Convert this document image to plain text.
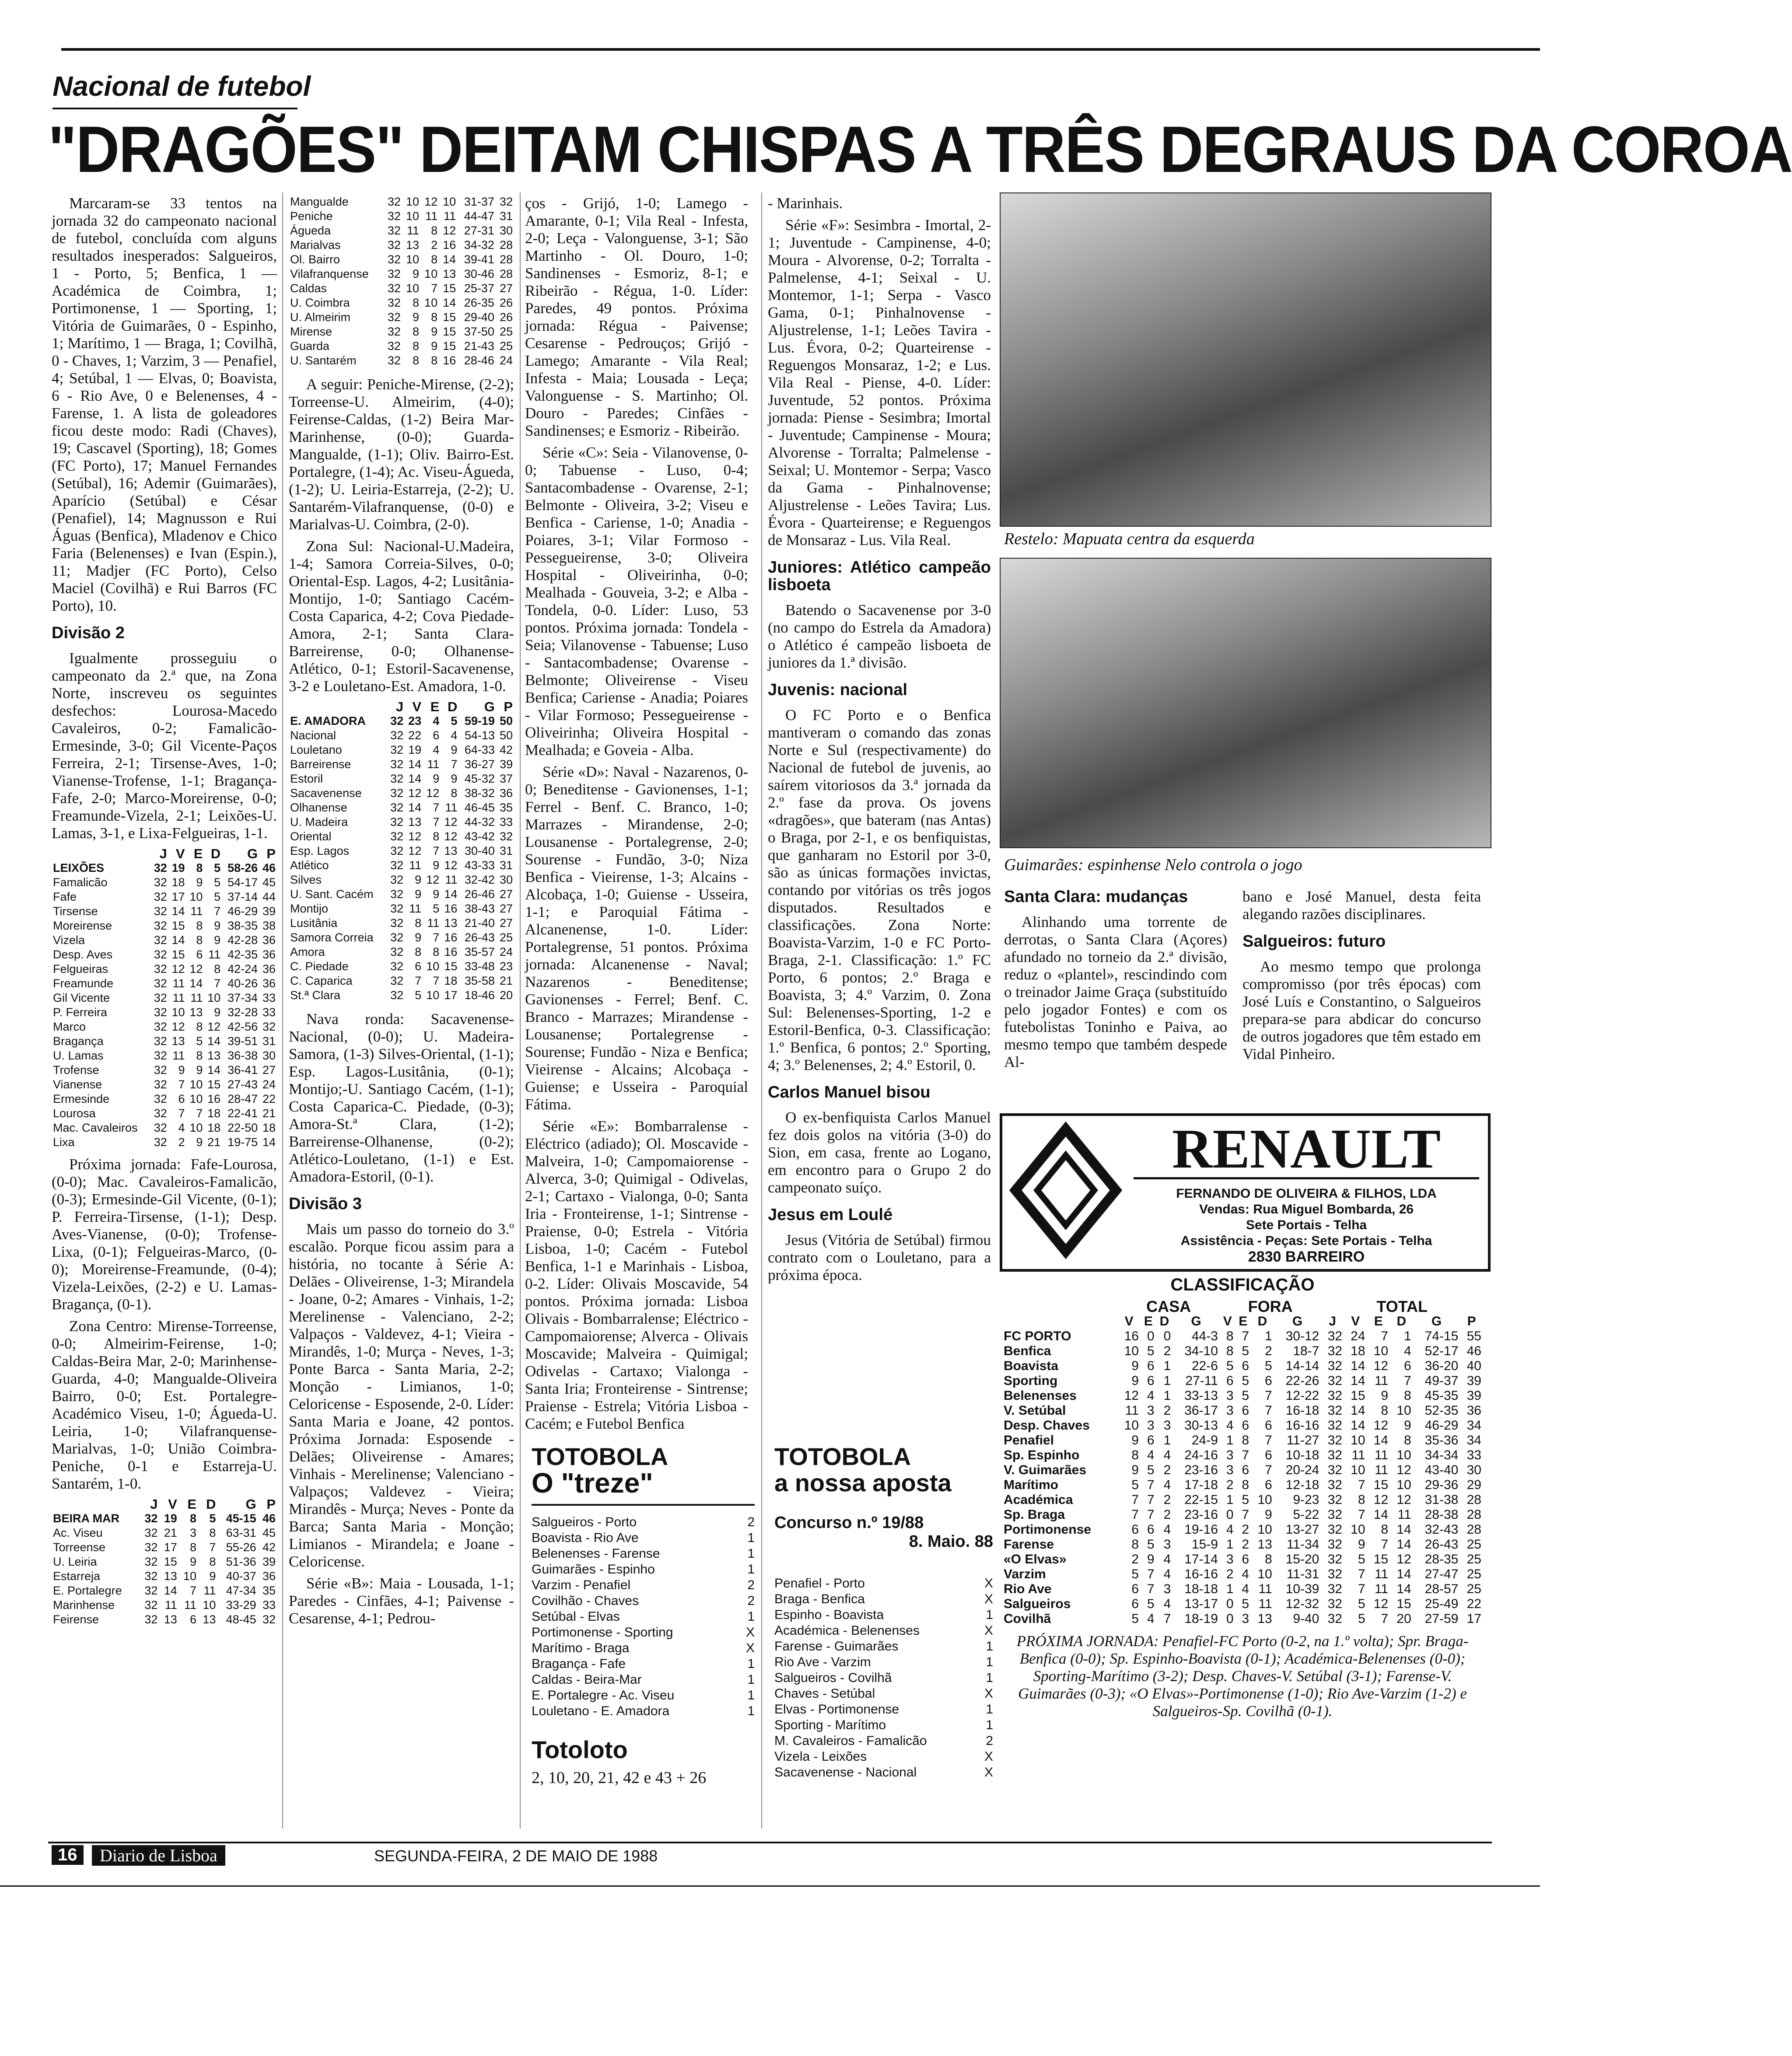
Nacional de futebol
"DRAGÕES" DEITAM CHISPAS A TRÊS DEGRAUS DA COROA

Marcaram-se 33 tentos na jornada 32 do campeonato nacional de futebol, concluída com alguns resultados inesperados: Salgueiros, 1 - Porto, 5; Benfica, 1 — Académica de Coimbra, 1; Portimonense, 1 — Sporting, 1; Vitória de Guimarães, 0 - Espinho, 1; Marítimo, 1 — Braga, 1; Covilhã, 0 - Chaves, 1; Varzim, 3 — Penafiel, 4; Setúbal, 1 — Elvas, 0; Boavista, 6 - Rio Ave, 0 e Belenenses, 4 - Farense, 1. A lista de goleadores ficou deste modo: Radi (Chaves), 19; Cascavel (Sporting), 18; Gomes (FC Porto), 17; Manuel Fernandes (Setúbal), 16; Ademir (Guimarães), Aparício (Setúbal) e César (Penafiel), 14; Magnusson e Rui Águas (Benfica), Mladenov e Chico Faria (Belenenses) e Ivan (Espin.), 11; Madjer (FC Porto), Celso Maciel (Covilhã) e Rui Barros (FC Porto), 10.

Divisão 2

Igualmente prosseguiu o campeonato da 2.ª que, na Zona Norte, inscreveu os seguintes desfechos: Lourosa-Macedo Cavaleiros, 0-2; Famalicão-Ermesinde, 3-0; Gil Vicente-Paços Ferreira, 2-1; Tirsense-Aves, 1-0; Vianense-Trofense, 1-1; Bragança-Fafe, 2-0; Marco-Moreirense, 0-0; Freamunde-Vizela, 2-1; Leixões-U. Lamas, 3-1, e Lixa-Felgueiras, 1-1.

	J	V	E	D	G	P
LEIXÕES	32	19	8	5	58-26	46
Famalicão	32	18	9	5	54-17	45
Fafe	32	17	10	5	37-14	44
Tirsense	32	14	11	7	46-29	39
Moreirense	32	15	8	9	38-35	38
Vizela	32	14	8	9	42-28	36
Desp. Aves	32	15	6	11	42-35	36
Felgueiras	32	12	12	8	42-24	36
Freamunde	32	11	14	7	40-26	36
Gil Vicente	32	11	11	10	37-34	33
P. Ferreira	32	10	13	9	32-28	33
Marco	32	12	8	12	42-56	32
Bragança	32	13	5	14	39-51	31
U. Lamas	32	11	8	13	36-38	30
Trofense	32	9	9	14	36-41	27
Vianense	32	7	10	15	27-43	24
Ermesinde	32	6	10	16	28-47	22
Lourosa	32	7	7	18	22-41	21
Mac. Cavaleiros	32	4	10	18	22-50	18
Lixa	32	2	9	21	19-75	14

Próxima jornada: Fafe-Lourosa, (0-0); Mac. Cavaleiros-Famalicão, (0-3); Ermesinde-Gil Vicente, (0-1); P. Ferreira-Tirsense, (1-1); Desp. Aves-Vianense, (0-0); Trofense-Lixa, (0-1); Felgueiras-Marco, (0-0); Moreirense-Freamunde, (0-4); Vizela-Leixões, (2-2) e U. Lamas-Bragança, (0-1).

Zona Centro: Mirense-Torreense, 0-0; Almeirim-Feirense, 1-0; Caldas-Beira Mar, 2-0; Marinhense-Guarda, 4-0; Mangualde-Oliveira Bairro, 0-0; Est. Portalegre-Académico Viseu, 1-0; Águeda-U. Leiria, 1-0; Vilafranquense-Marialvas, 1-0; União Coimbra-Peniche, 0-1 e Estarreja-U. Santarém, 1-0.

	J	V	E	D	G	P
BEIRA MAR	32	19	8	5	45-15	46
Ac. Viseu	32	21	3	8	63-31	45
Torreense	32	17	8	7	55-26	42
U. Leiria	32	15	9	8	51-36	39
Estarreja	32	13	10	9	40-37	36
E. Portalegre	32	14	7	11	47-34	35
Marinhense	32	11	11	10	33-29	33
Feirense	32	13	6	13	48-45	32
Mangualde	32	10	12	10	31-37	32
Peniche	32	10	11	11	44-47	31
Águeda	32	11	8	12	27-31	30
Marialvas	32	13	2	16	34-32	28
Ol. Bairro	32	10	8	14	39-41	28
Vilafranquense	32	9	10	13	30-46	28
Caldas	32	10	7	15	25-37	27
U. Coimbra	32	8	10	14	26-35	26
U. Almeirim	32	9	8	15	29-40	26
Mirense	32	8	9	15	37-50	25
Guarda	32	8	9	15	21-43	25
U. Santarém	32	8	8	16	28-46	24

A seguir: Peniche-Mirense, (2-2); Torreense-U. Almeirim, (4-0); Feirense-Caldas, (1-2) Beira Mar-Marinhense, (0-0); Guarda-Mangualde, (1-1); Oliv. Bairro-Est. Portalegre, (1-4); Ac. Viseu-Águeda, (1-2); U. Leiria-Estarreja, (2-2); U. Santarém-Vilafranquense, (0-0) e Marialvas-U. Coimbra, (2-0).

Zona Sul: Nacional-U.Madeira, 1-4; Samora Correia-Silves, 0-0; Oriental-Esp. Lagos, 4-2; Lusitânia-Montijo, 1-0; Santiago Cacém-Costa Caparica, 4-2; Cova Piedade-Amora, 2-1; Santa Clara-Barreirense, 0-0; Olhanense-Atlético, 0-1; Estoril-Sacavenense, 3-2 e Louletano-Est. Amadora, 1-0.

	J	V	E	D	G	P
E. AMADORA	32	23	4	5	59-19	50
Nacional	32	22	6	4	54-13	50
Louletano	32	19	4	9	64-33	42
Barreirense	32	14	11	7	36-27	39
Estoril	32	14	9	9	45-32	37
Sacavenense	32	12	12	8	38-32	36
Olhanense	32	14	7	11	46-45	35
U. Madeira	32	13	7	12	44-32	33
Oriental	32	12	8	12	43-42	32
Esp. Lagos	32	12	7	13	30-40	31
Atlético	32	11	9	12	43-33	31
Silves	32	9	12	11	32-42	30
U. Sant. Cacém	32	9	9	14	26-46	27
Montijo	32	11	5	16	38-43	27
Lusitânia	32	8	11	13	21-40	27
Samora Correia	32	9	7	16	26-43	25
Amora	32	8	8	16	35-57	24
C. Piedade	32	6	10	15	33-48	23
C. Caparica	32	7	7	18	35-58	21
St.ª Clara	32	5	10	17	18-46	20

Nava ronda: Sacavenense-Nacional, (0-0); U. Madeira-Samora, (1-3) Silves-Oriental, (1-1); Esp. Lagos-Lusitânia, (0-1); Montijo;-U. Santiago Cacém, (1-1); Costa Caparica-C. Piedade, (0-3); Amora-St.ª Clara, (1-2); Barreirense-Olhanense, (0-2); Atlético-Louletano, (1-1) e Est. Amadora-Estoril, (0-1).

Divisão 3

Mais um passo do torneio do 3.º escalão. Porque ficou assim para a história, no tocante à Série A: Delães - Oliveirense, 1-3; Mirandela - Joane, 0-2; Amares - Vinhais, 1-2; Merelinense - Valenciano, 2-2; Valpaços - Valdevez, 4-1; Vieira - Mirandês, 1-0; Murça - Neves, 1-3; Ponte Barca - Santa Maria, 2-2; Monção - Limianos, 1-0; Celoricense - Esposende, 2-0. Líder: Santa Maria e Joane, 42 pontos. Próxima Jornada: Esposende - Delães; Oliveirense - Amares; Vinhais - Merelinense; Valenciano - Valpaços; Valdevez - Vieira; Mirandês - Murça; Neves - Ponte da Barca; Santa Maria - Monção; Limianos - Mirandela; e Joane - Celoricense.

Série «B»: Maia - Lousada, 1-1; Paredes - Cinfães, 4-1; Paivense - Cesarense, 4-1; Pedrou-

ços - Grijó, 1-0; Lamego - Amarante, 0-1; Vila Real - Infesta, 2-0; Leça - Valonguense, 3-1; São Martinho - Ol. Douro, 1-0; Sandinenses - Esmoriz, 8-1; e Ribeirão - Régua, 1-0. Líder: Paredes, 49 pontos. Próxima jornada: Régua - Paivense; Cesarense - Pedrouços; Grijó - Lamego; Amarante - Vila Real; Infesta - Maia; Lousada - Leça; Valonguense - S. Martinho; Ol. Douro - Paredes; Cinfães - Sandinenses; e Esmoriz - Ribeirão.

Série «C»: Seia - Vilanovense, 0-0; Tabuense - Luso, 0-4; Santacombadense - Ovarense, 2-1; Belmonte - Oliveira, 3-2; Viseu e Benfica - Cariense, 1-0; Anadia - Poiares, 3-1; Vilar Formoso - Pessegueirense, 3-0; Oliveira Hospital - Oliveirinha, 0-0; Mealhada - Gouveia, 3-2; e Alba - Tondela, 0-0. Líder: Luso, 53 pontos. Próxima jornada: Tondela - Seia; Vilanovense - Tabuense; Luso - Santacombadense; Ovarense - Belmonte; Oliveirense - Viseu Benfica; Cariense - Anadia; Poiares - Vilar Formoso; Pessegueirense - Oliveirinha; Oliveira Hospital - Mealhada; e Goveia - Alba.

Série «D»: Naval - Nazarenos, 0-0; Beneditense - Gavionenses, 1-1; Ferrel - Benf. C. Branco, 1-0; Marrazes - Mirandense, 2-0; Lousanense - Portalegrense, 2-0; Sourense - Fundão, 3-0; Niza Benfica - Vieirense, 1-3; Alcains - Alcobaça, 1-0; Guiense - Usseira, 1-1; e Paroquial Fátima - Alcanenense, 1-0. Líder: Portalegrense, 51 pontos. Próxima jornada: Alcanenense - Naval; Nazarenos - Beneditense; Gavionenses - Ferrel; Benf. C. Branco - Marrazes; Mirandense - Lousanense; Portalegrense - Sourense; Fundão - Niza e Benfica; Vieirense - Alcains; Alcobaça - Guiense; e Usseira - Paroquial Fátima.

Série «E»: Bombarralense - Eléctrico (adiado); Ol. Moscavide - Malveira, 1-0; Campomaiorense - Alverca, 3-0; Quimigal - Odivelas, 2-1; Cartaxo - Vialonga, 0-0; Santa Iria - Fronteirense, 1-1; Sintrense - Praiense, 0-0; Estrela - Vitória Lisboa, 1-0; Cacém - Futebol Benfica, 1-1 e Marinhais - Lisboa, 0-2. Líder: Olivais Moscavide, 54 pontos. Próxima jornada: Lisboa Olivais - Bombarralense; Eléctrico - Campomaiorense; Alverca - Olivais Moscavide; Malveira - Quimigal; Odivelas - Cartaxo; Vialonga - Santa Iria; Fronteirense - Sintrense; Praiense - Estrela; Vitória Lisboa - Cacém; e Futebol Benfica

- Marinhais.

Série «F»: Sesimbra - Imortal, 2-1; Juventude - Campinense, 4-0; Moura - Alvorense, 0-2; Torralta - Palmelense, 4-1; Seixal - U. Montemor, 1-1; Serpa - Vasco Gama, 0-1; Pinhalnovense - Aljustrelense, 1-1; Leões Tavira - Lus. Évora, 0-2; Quarteirense - Reguengos Monsaraz, 1-2; e Lus. Vila Real - Piense, 4-0. Líder: Juventude, 52 pontos. Próxima jornada: Piense - Sesimbra; Imortal - Juventude; Campinense - Moura; Alvorense - Torralta; Palmelense - Seixal; U. Montemor - Serpa; Vasco da Gama - Pinhalnovense; Aljustrelense - Leões Tavira; Lus. Évora - Quarteirense; e Reguengos de Monsaraz - Lus. Vila Real.

Juniores: Atlético campeão lisboeta

Batendo o Sacavenense por 3-0 (no campo do Estrela da Amadora) o Atlético é campeão lisboeta de juniores da 1.ª divisão.

Juvenis: nacional

O FC Porto e o Benfica mantiveram o comando das zonas Norte e Sul (respectivamente) do Nacional de futebol de juvenis, ao saírem vitoriosos da 3.ª jornada da 2.º fase da prova. Os jovens «dragões», que bateram (nas Antas) o Braga, por 2-1, e os benfiquistas, que ganharam no Estoril por 3-0, são as únicas formações invictas, contando por vitórias os três jogos disputados. Resultados e classificações. Zona Norte: Boavista-Varzim, 1-0 e FC Porto-Braga, 2-1. Classificação: 1.º FC Porto, 6 pontos; 2.º Braga e Boavista, 3; 4.º Varzim, 0. Zona Sul: Belenenses-Sporting, 1-2 e Estoril-Benfica, 0-3. Classificação: 1.º Benfica, 6 pontos; 2.º Sporting, 4; 3.º Belenenses, 2; 4.º Estoril, 0.

Carlos Manuel bisou

O ex-benfiquista Carlos Manuel fez dois golos na vitória (3-0) do Sion, em casa, frente ao Logano, em encontro para o Grupo 2 do campeonato suíço.

Jesus em Loulé

Jesus (Vitória de Setúbal) firmou contrato com o Louletano, para a próxima época.

Restelo: Mapuata centra da esquerda
Guimarães: espinhense Nelo controla o jogo
Santa Clara: mudanças

Alinhando uma torrente de derrotas, o Santa Clara (Açores) afundado no torneio da 2.ª divisão, reduz o «plantel», rescindindo com o treinador Jaime Graça (substituído pelo jogador Fontes) e com os futebolistas Toninho e Paiva, ao mesmo tempo que também despede Al-

bano e José Manuel, desta feita alegando razões disciplinares.

Salgueiros: futuro

Ao mesmo tempo que prolonga compromisso (por três épocas) com José Luís e Constantino, o Salgueiros prepara-se para abdicar do concurso de outros jogadores que têm estado em Vidal Pinheiro.

RENAULT
FERNANDO DE OLIVEIRA & FILHOS, LDA
Vendas: Rua Miguel Bombarda, 26
Sete Portais - Telha
Assistência - Peças: Sete Portais - Telha
2830 BARREIRO
TOTOBOLA
O "treze"
Salgueiros - Porto	2
Boavista - Rio Ave	1
Belenenses - Farense	1
Guimarães - Espinho	1
Varzim - Penafiel	2
Covilhão - Chaves	2
Setúbal - Elvas	1
Portimonense - Sporting	X
Marítimo - Braga	X
Bragança - Fafe	1
Caldas - Beira-Mar	1
E. Portalegre - Ac. Viseu	1
Louletano - E. Amadora	1
Totoloto
2, 10, 20, 21, 42 e 43 + 26
TOTOBOLA
a nossa aposta
Concurso n.º 19/88
8. Maio. 88
Penafiel - Porto	X
Braga - Benfica	X
Espinho - Boavista	1
Académica - Belenenses	X
Farense - Guimarães	1
Rio Ave - Varzim	1
Salgueiros - Covilhã	1
Chaves - Setúbal	X
Elvas - Portimonense	1
Sporting - Marítimo	1
M. Cavaleiros - Famalicão	2
Vizela - Leixões	X
Sacavenense - Nacional	X
CLASSIFICAÇÃO
	CASA				FORA				TOTAL					
	V	E	D	G	V	E	D	G	J	V	E	D	G	P
FC PORTO	16	0	0	44-3	8	7	1	30-12	32	24	7	1	74-15	55
Benfica	10	5	2	34-10	8	5	2	18-7	32	18	10	4	52-17	46
Boavista	9	6	1	22-6	5	6	5	14-14	32	14	12	6	36-20	40
Sporting	9	6	1	27-11	6	5	6	22-26	32	14	11	7	49-37	39
Belenenses	12	4	1	33-13	3	5	7	12-22	32	15	9	8	45-35	39
V. Setúbal	11	3	2	36-17	3	6	7	16-18	32	14	8	10	52-35	36
Desp. Chaves	10	3	3	30-13	4	6	6	16-16	32	14	12	9	46-29	34
Penafiel	9	6	1	24-9	1	8	7	11-27	32	10	14	8	35-36	34
Sp. Espinho	8	4	4	24-16	3	7	6	10-18	32	11	11	10	34-34	33
V. Guimarães	9	5	2	23-16	3	6	7	20-24	32	10	11	12	43-40	30
Marítimo	5	7	4	17-18	2	8	6	12-18	32	7	15	10	29-36	29
Académica	7	7	2	22-15	1	5	10	9-23	32	8	12	12	31-38	28
Sp. Braga	7	7	2	23-16	0	7	9	5-22	32	7	14	11	28-38	28
Portimonense	6	6	4	19-16	4	2	10	13-27	32	10	8	14	32-43	28
Farense	8	5	3	15-9	1	2	13	11-34	32	9	7	14	26-43	25
«O Elvas»	2	9	4	17-14	3	6	8	15-20	32	5	15	12	28-35	25
Varzim	5	7	4	16-16	2	4	10	11-31	32	7	11	14	27-47	25
Rio Ave	6	7	3	18-18	1	4	11	10-39	32	7	11	14	28-57	25
Salgueiros	6	5	4	13-17	0	5	11	12-32	32	5	12	15	25-49	22
Covilhã	5	4	7	18-19	0	3	13	9-40	32	5	7	20	27-59	17
PRÓXIMA JORNADA: Penafiel-FC Porto (0-2, na 1.º volta); Spr. Braga-Benfica (0-0); Sp. Espinho-Boavista (0-1); Académica-Belenenses (0-0); Sporting-Marítimo (3-2); Desp. Chaves-V. Setúbal (3-1); Farense-V. Guimarães (0-3); «O Elvas»-Portimonense (1-0); Rio Ave-Varzim (1-2) e Salgueiros-Sp. Covilhã (0-1).
16	Diario de Lisboa	SEGUNDA-FEIRA, 2 DE MAIO DE 1988
